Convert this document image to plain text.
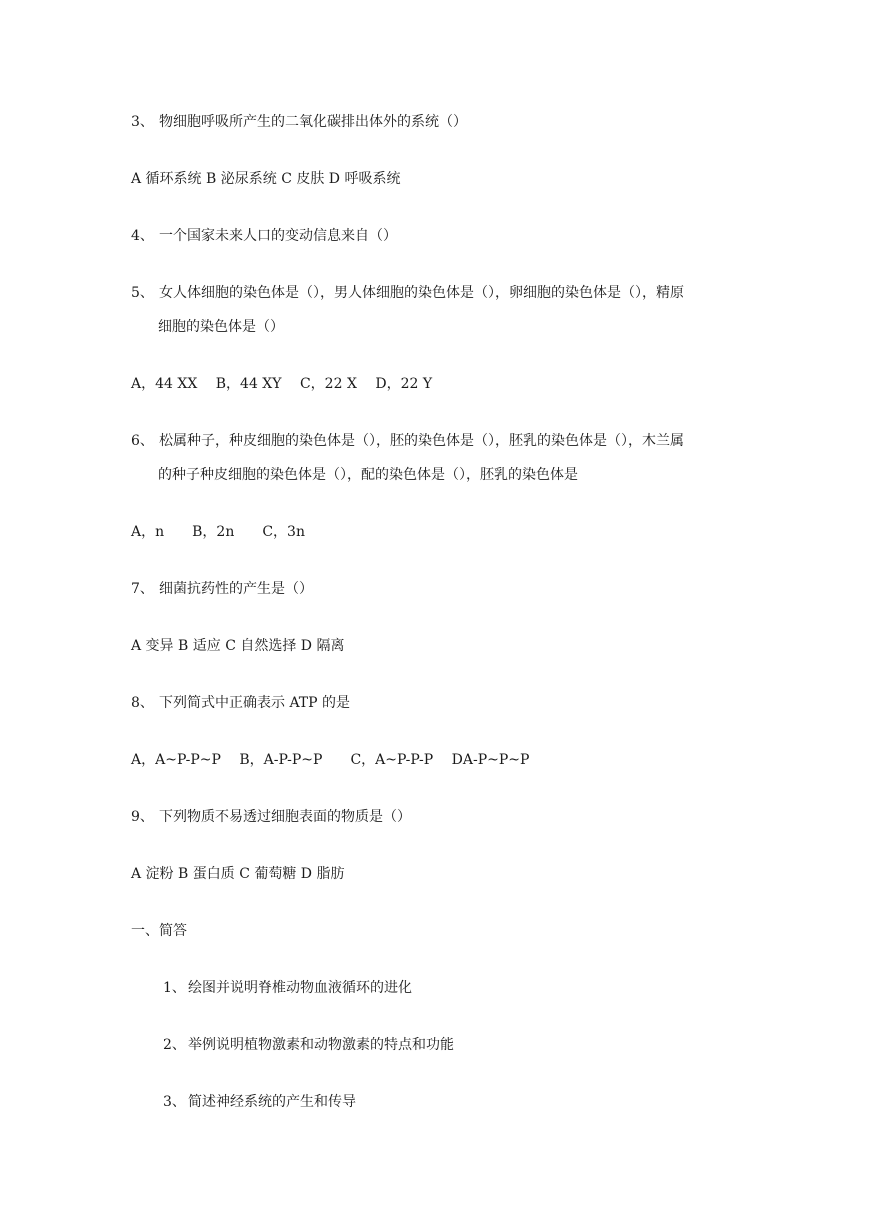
3、 物细胞呼吸所产生的二氧化碳排出体外的系统（）
A 循环系统 B 泌尿系统 C 皮肤 D 呼吸系统
4、 一个国家未来人口的变动信息来自（）
5、 女人体细胞的染色体是（），男人体细胞的染色体是（），卵细胞的染色体是（），精原
细胞的染色体是（）
A，44 XX　 B，44 XY　 C，22 X　 D，22 Y
6、 松属种子，种皮细胞的染色体是（），胚的染色体是（），胚乳的染色体是（），木兰属
的种子种皮细胞的染色体是（），配的染色体是（），胚乳的染色体是
A，n　　B，2n　　C，3n
7、 细菌抗药性的产生是（）
A 变异 B 适应 C 自然选择 D 隔离
8、 下列简式中正确表示 ATP 的是
A，A~P-P~P　 B，A-P-P~P　　C，A~P-P-P　 DA-P~P~P
9、 下列物质不易透过细胞表面的物质是（）
A 淀粉 B 蛋白质 C 葡萄糖 D 脂肪
一、简答
1、 绘图并说明脊椎动物血液循环的进化
2、 举例说明植物激素和动物激素的特点和功能
3、 简述神经系统的产生和传导
